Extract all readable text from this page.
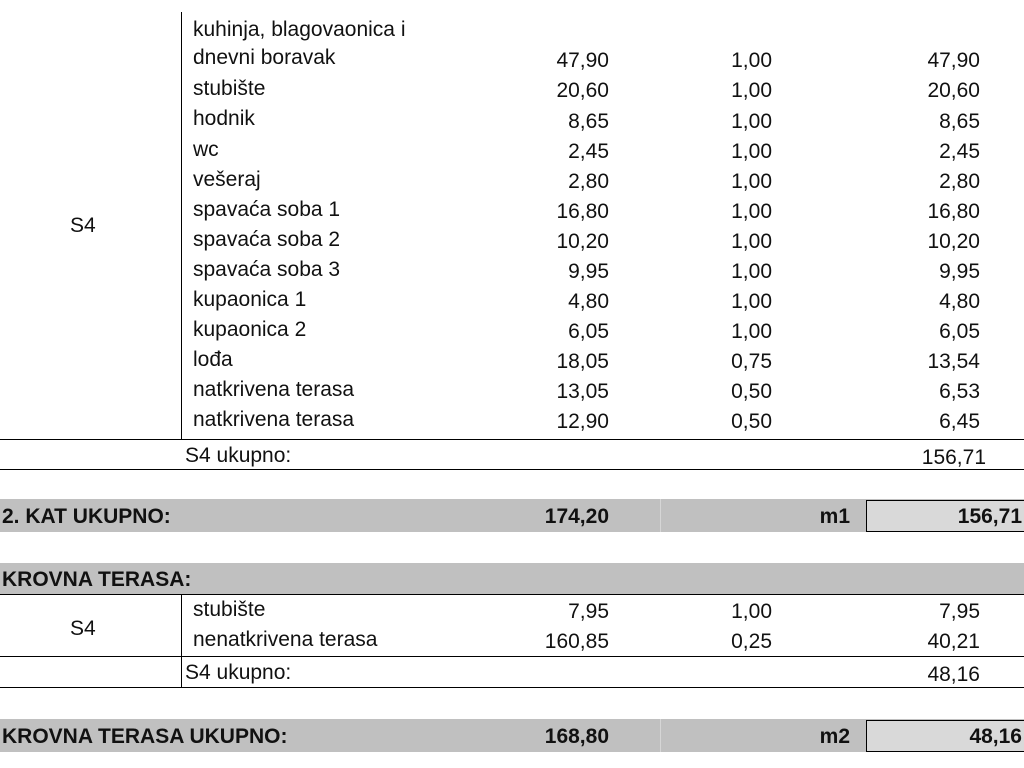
S4
kuhinja, blagovaonica i
dnevni boravak	47,90	1,00	47,90
stubište	20,60	1,00	20,60
hodnik	8,65	1,00	8,65
wc	2,45	1,00	2,45
vešeraj	2,80	1,00	2,80
spavaća soba 1	16,80	1,00	16,80
spavaća soba 2	10,20	1,00	10,20
spavaća soba 3	9,95	1,00	9,95
kupaonica 1	4,80	1,00	4,80
kupaonica 2	6,05	1,00	6,05
lođa	18,05	0,75	13,54
natkrivena terasa	13,05	0,50	6,53
natkrivena terasa	12,90	0,50	6,45
S4 ukupno:	156,71
2. KAT UKUPNO:	174,20	m1	156,71
KROVNA TERASA:
S4
stubište	7,95	1,00	7,95
nenatkrivena terasa	160,85	0,25	40,21
S4 ukupno:	48,16
KROVNA TERASA UKUPNO:	168,80	m2	48,16
